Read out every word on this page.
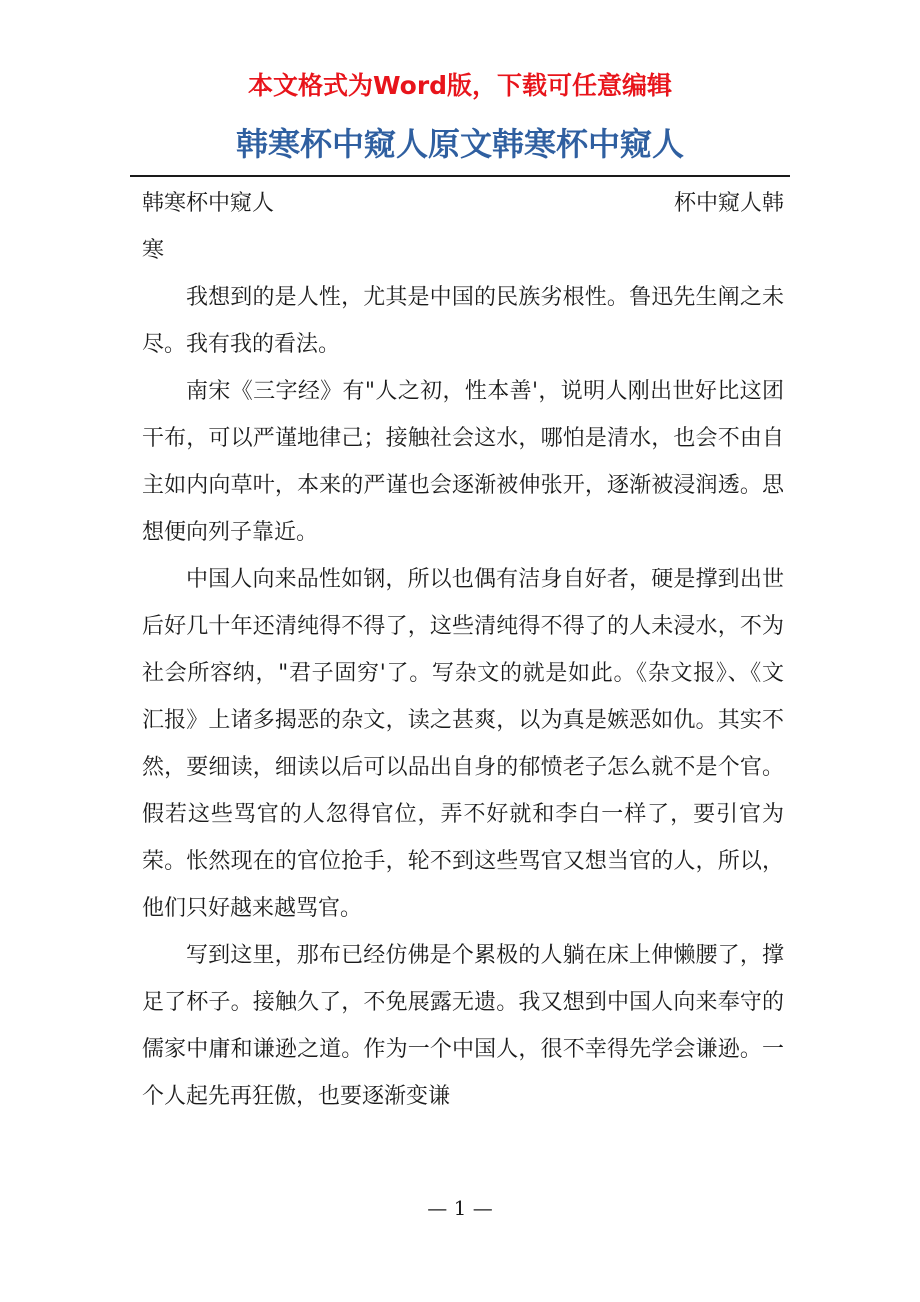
本文格式为Word版，下载可任意编辑
韩寒杯中窥人原文韩寒杯中窥人
韩寒杯中窥人	杯中窥人韩
寒

我想到的是人性，尤其是中国的民族劣根性。鲁迅先生阐之未尽。我有我的看法。

南宋《三字经》有"人之初，性本善'，说明人刚出世好比这团干布，可以严谨地律己；接触社会这水，哪怕是清水，也会不由自主如内向草叶，本来的严谨也会逐渐被伸张开，逐渐被浸润透。思想便向列子靠近。

中国人向来品性如钢，所以也偶有洁身自好者，硬是撑到出世后好几十年还清纯得不得了，这些清纯得不得了的人未浸水，不为社会所容纳，"君子固穷'了。写杂文的就是如此。《杂文报》、《文汇报》上诸多揭恶的杂文，读之甚爽，以为真是嫉恶如仇。其实不然，要细读，细读以后可以品出自身的郁愤老子怎么就不是个官。假若这些骂官的人忽得官位，弄不好就和李白一样了，要引官为荣。怅然现在的官位抢手，轮不到这些骂官又想当官的人，所以，他们只好越来越骂官。

写到这里，那布已经仿佛是个累极的人躺在床上伸懒腰了，撑足了杯子。接触久了，不免展露无遗。我又想到中国人向来奉守的儒家中庸和谦逊之道。作为一个中国人，很不幸得先学会谦逊。一个人起先再狂傲，也要逐渐变谦

— 1 —
